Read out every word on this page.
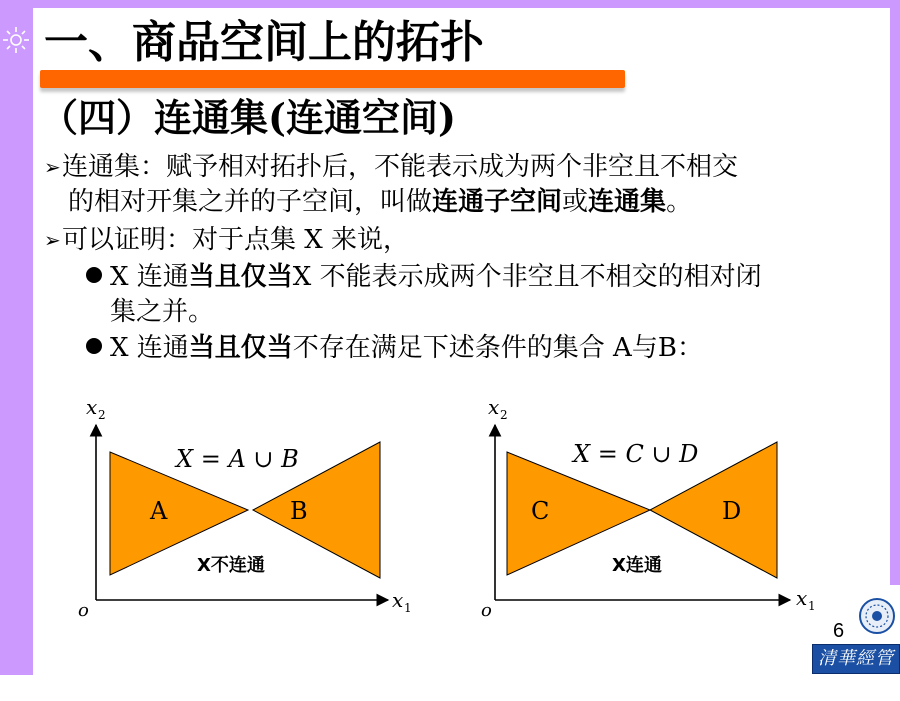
一、商品空间上的拓扑
（四）连通集(连通空间)
➢连通集：赋予相对拓扑后，不能表示成为两个非空且不相交
的相对开集之并的子空间，叫做连通子空间或连通集。
➢可以证明：对于点集 X 来说，
X 连通当且仅当X 不能表示成两个非空且不相交的相对闭
集之并。
X 连通当且仅当不存在满足下述条件的集合 A与B：
x 2
x 1
o
X = A ∪ B
A	B
X不连通
x 2
x 1
o
X = C ∪ D
C	D
X连通
6
清華經管學院
